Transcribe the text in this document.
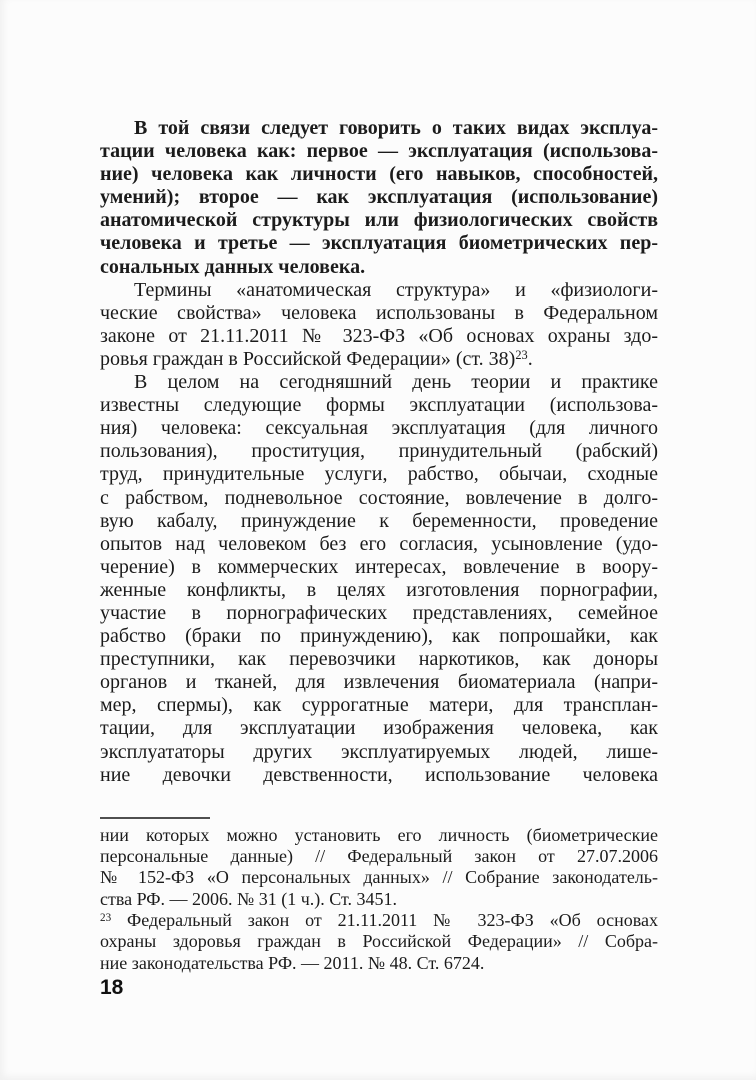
В той связи следует говорить о таких видах эксплуа-
тации человека как: первое — эксплуатация (использова-
ние) человека как личности (его навыков, способностей,
умений); второе — как эксплуатация (использование)
анатомической структуры или физиологических свойств
человека и третье — эксплуатация биометрических пер-
сональных данных человека.
Термины «анатомическая структура» и «физиологи-
ческие свойства» человека использованы в Федеральном
законе от 21.11.2011 № 323-ФЗ «Об основах охраны здо-
ровья граждан в Российской Федерации» (ст. 38)$^{23}$.
В целом на сегодняшний день теории и практике
известны следующие формы эксплуатации (использова-
ния) человека: сексуальная эксплуатация (для личного
пользования), проституция, принудительный (рабский)
труд, принудительные услуги, рабство, обычаи, сходные
с рабством, подневольное состояние, вовлечение в долго-
вую кабалу, принуждение к беременности, проведение
опытов над человеком без его согласия, усыновление (удо-
черение) в коммерческих интересах, вовлечение в воору-
женные конфликты, в целях изготовления порнографии,
участие в порнографических представлениях, семейное
рабство (браки по принуждению), как попрошайки, как
преступники, как перевозчики наркотиков, как доноры
органов и тканей, для извлечения биоматериала (напри-
мер, спермы), как суррогатные матери, для трансплан-
тации, для эксплуатации изображения человека, как
эксплуататоры других эксплуатируемых людей, лише-
ние девочки девственности, использование человека
нии которых можно установить его личность (биометрические
персональные данные) // Федеральный закон от 27.07.2006
№ 152-ФЗ «О персональных данных» // Собрание законодатель-
ства РФ. — 2006. № 31 (1 ч.). Ст. 3451.
$^{23}$ Федеральный закон от 21.11.2011 № 323-ФЗ «Об основах
охраны здоровья граждан в Российской Федерации» // Собра-
ние законодательства РФ. — 2011. № 48. Ст. 6724.
18
